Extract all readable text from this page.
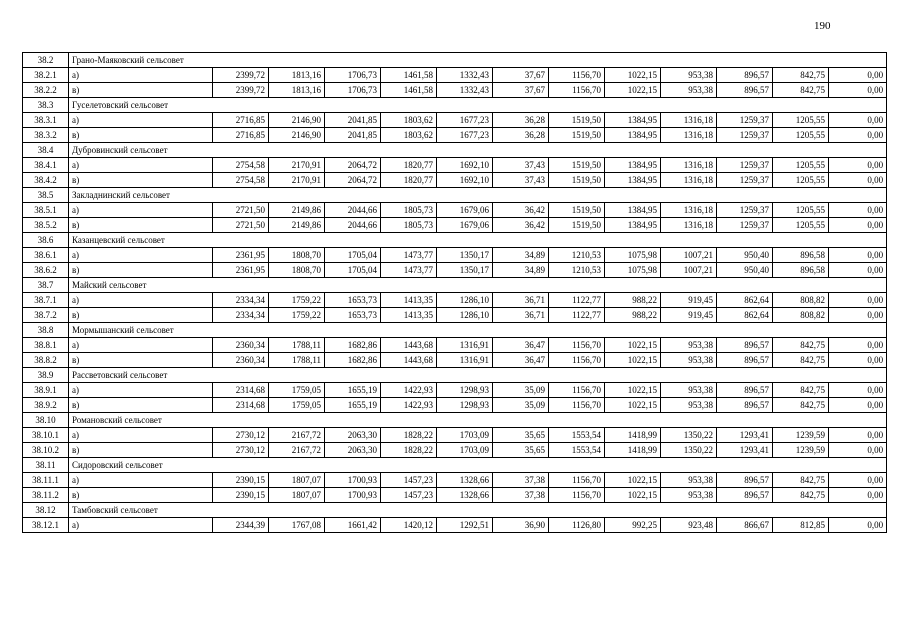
190
38.2	Грано-Маяковский сельсовет												
38.2.1	а)	2399,72	1813,16	1706,73	1461,58	1332,43	37,67	1156,70	1022,15	953,38	896,57	842,75	0,00
38.2.2	в)	2399,72	1813,16	1706,73	1461,58	1332,43	37,67	1156,70	1022,15	953,38	896,57	842,75	0,00
38.3	Гуселетовский сельсовет												
38.3.1	а)	2716,85	2146,90	2041,85	1803,62	1677,23	36,28	1519,50	1384,95	1316,18	1259,37	1205,55	0,00
38.3.2	в)	2716,85	2146,90	2041,85	1803,62	1677,23	36,28	1519,50	1384,95	1316,18	1259,37	1205,55	0,00
38.4	Дубровинский сельсовет												
38.4.1	а)	2754,58	2170,91	2064,72	1820,77	1692,10	37,43	1519,50	1384,95	1316,18	1259,37	1205,55	0,00
38.4.2	в)	2754,58	2170,91	2064,72	1820,77	1692,10	37,43	1519,50	1384,95	1316,18	1259,37	1205,55	0,00
38.5	Закладнинский сельсовет												
38.5.1	а)	2721,50	2149,86	2044,66	1805,73	1679,06	36,42	1519,50	1384,95	1316,18	1259,37	1205,55	0,00
38.5.2	в)	2721,50	2149,86	2044,66	1805,73	1679,06	36,42	1519,50	1384,95	1316,18	1259,37	1205,55	0,00
38.6	Казанцевский сельсовет												
38.6.1	а)	2361,95	1808,70	1705,04	1473,77	1350,17	34,89	1210,53	1075,98	1007,21	950,40	896,58	0,00
38.6.2	в)	2361,95	1808,70	1705,04	1473,77	1350,17	34,89	1210,53	1075,98	1007,21	950,40	896,58	0,00
38.7	Майский сельсовет												
38.7.1	а)	2334,34	1759,22	1653,73	1413,35	1286,10	36,71	1122,77	988,22	919,45	862,64	808,82	0,00
38.7.2	в)	2334,34	1759,22	1653,73	1413,35	1286,10	36,71	1122,77	988,22	919,45	862,64	808,82	0,00
38.8	Мормышанский сельсовет												
38.8.1	а)	2360,34	1788,11	1682,86	1443,68	1316,91	36,47	1156,70	1022,15	953,38	896,57	842,75	0,00
38.8.2	в)	2360,34	1788,11	1682,86	1443,68	1316,91	36,47	1156,70	1022,15	953,38	896,57	842,75	0,00
38.9	Рассветовский сельсовет												
38.9.1	а)	2314,68	1759,05	1655,19	1422,93	1298,93	35,09	1156,70	1022,15	953,38	896,57	842,75	0,00
38.9.2	в)	2314,68	1759,05	1655,19	1422,93	1298,93	35,09	1156,70	1022,15	953,38	896,57	842,75	0,00
38.10	Романовский сельсовет												
38.10.1	а)	2730,12	2167,72	2063,30	1828,22	1703,09	35,65	1553,54	1418,99	1350,22	1293,41	1239,59	0,00
38.10.2	в)	2730,12	2167,72	2063,30	1828,22	1703,09	35,65	1553,54	1418,99	1350,22	1293,41	1239,59	0,00
38.11	Сидоровский сельсовет												
38.11.1	а)	2390,15	1807,07	1700,93	1457,23	1328,66	37,38	1156,70	1022,15	953,38	896,57	842,75	0,00
38.11.2	в)	2390,15	1807,07	1700,93	1457,23	1328,66	37,38	1156,70	1022,15	953,38	896,57	842,75	0,00
38.12	Тамбовский сельсовет												
38.12.1	а)	2344,39	1767,08	1661,42	1420,12	1292,51	36,90	1126,80	992,25	923,48	866,67	812,85	0,00
